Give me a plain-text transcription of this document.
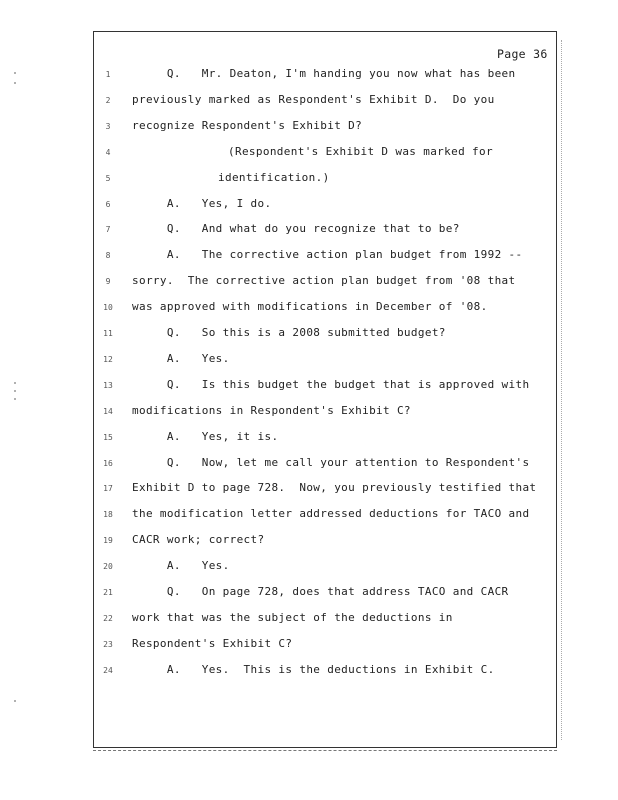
Page 36
1	Q.   Mr. Deaton, I'm handing you now what has been
2	previously marked as Respondent's Exhibit D.  Do you
3	recognize Respondent's Exhibit D?
4	(Respondent's Exhibit D was marked for
5	identification.)
6	A.   Yes, I do.
7	Q.   And what do you recognize that to be?
8	A.   The corrective action plan budget from 1992 --
9	sorry.  The corrective action plan budget from '08 that
10 was approved with modifications in December of '08.
11 Q.   So this is a 2008 submitted budget?
12 A.   Yes.
13 Q.   Is this budget the budget that is approved with
14 modifications in Respondent's Exhibit C?
15 A.   Yes, it is.
16 Q.   Now, let me call your attention to Respondent's
17 Exhibit D to page 728.  Now, you previously testified that
18 the modification letter addressed deductions for TACO and
19 CACR work; correct?
20 A.   Yes.
21 Q.   On page 728, does that address TACO and CACR
22 work that was the subject of the deductions in
23 Respondent's Exhibit C?
24 A.   Yes.  This is the deductions in Exhibit C.
